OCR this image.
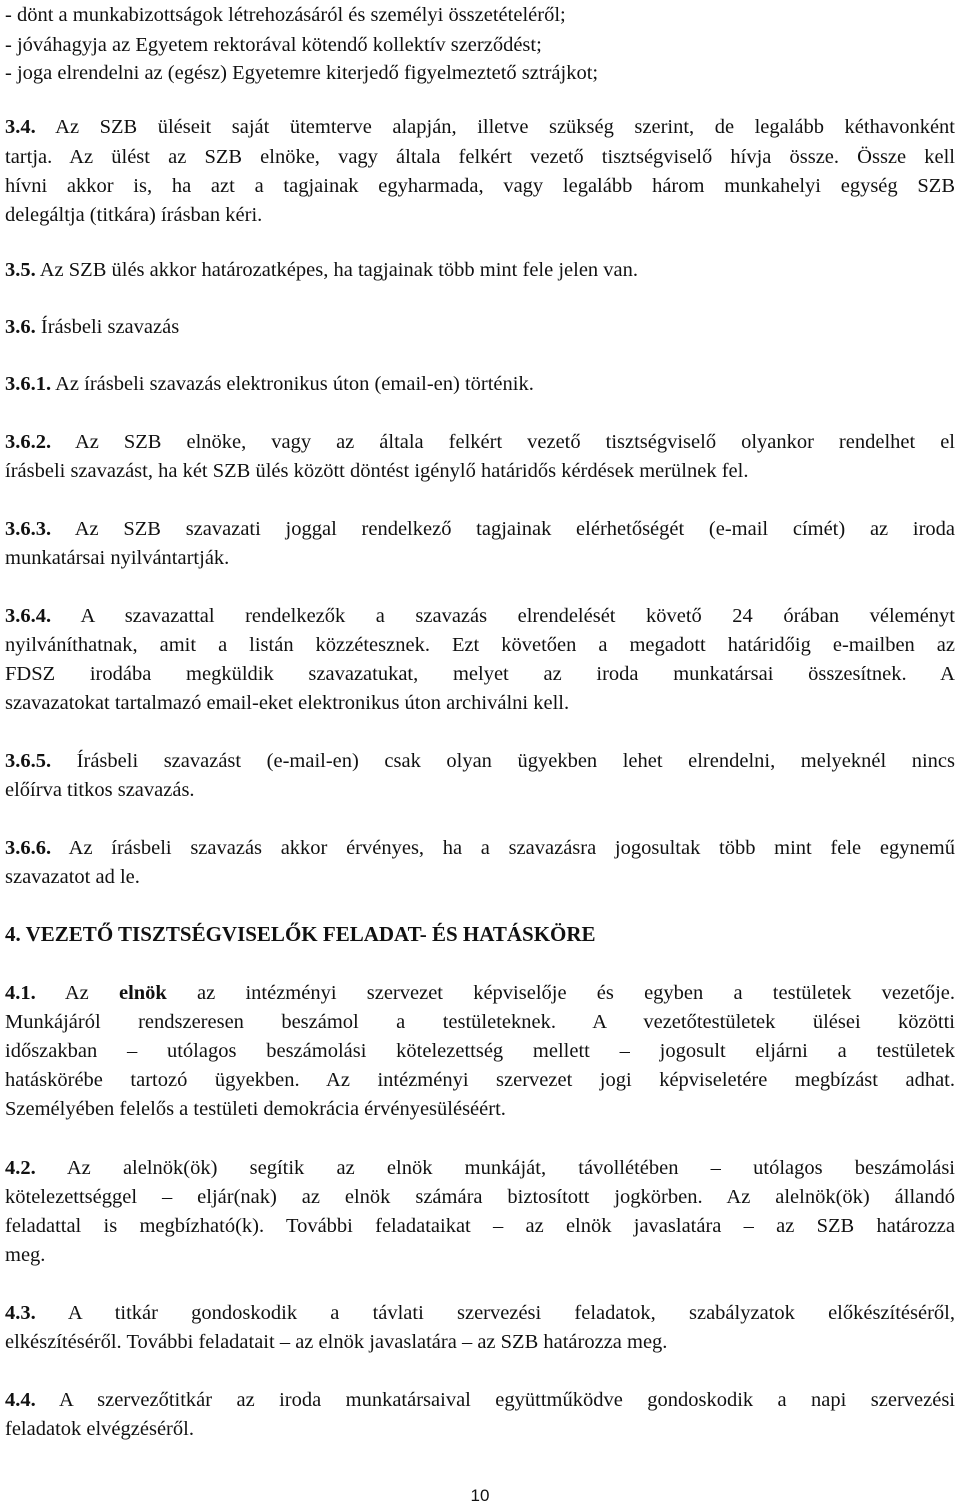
- dönt a munkabizottságok létrehozásáról és személyi összetételéről;
- jóváhagyja az Egyetem rektorával kötendő kollektív szerződést;
- joga elrendelni az (egész) Egyetemre kiterjedő figyelmeztető sztrájkot;
3.4. Az SZB üléseit saját ütemterve alapján, illetve szükség szerint, de legalább kéthavonként
tartja. Az ülést az SZB elnöke, vagy általa felkért vezető tisztségviselő hívja össze. Össze kell
hívni akkor is, ha azt a tagjainak egyharmada, vagy legalább három munkahelyi egység SZB
delegáltja (titkára) írásban kéri.
3.5. Az SZB ülés akkor határozatképes, ha tagjainak több mint fele jelen van.
3.6. Írásbeli szavazás
3.6.1. Az írásbeli szavazás elektronikus úton (email-en) történik.
3.6.2. Az SZB elnöke, vagy az általa felkért vezető tisztségviselő olyankor rendelhet el
írásbeli szavazást, ha két SZB ülés között döntést igénylő határidős kérdések merülnek fel.
3.6.3. Az SZB szavazati joggal rendelkező tagjainak elérhetőségét (e-mail címét) az iroda
munkatársai nyilvántartják.
3.6.4. A szavazattal rendelkezők a szavazás elrendelését követő 24 órában véleményt
nyilváníthatnak, amit a listán közzétesznek. Ezt követően a megadott határidőig e-mailben az
FDSZ irodába megküldik szavazatukat, melyet az iroda munkatársai összesítnek. A
szavazatokat tartalmazó email-eket elektronikus úton archiválni kell.
3.6.5. Írásbeli szavazást (e-mail-en) csak olyan ügyekben lehet elrendelni, melyeknél nincs
előírva titkos szavazás.
3.6.6. Az írásbeli szavazás akkor érvényes, ha a szavazásra jogosultak több mint fele egynemű
szavazatot ad le.
4. VEZETŐ TISZTSÉGVISELŐK FELADAT- ÉS HATÁSKÖRE
4.1. Az elnök az intézményi szervezet képviselője és egyben a testületek vezetője.
Munkájáról rendszeresen beszámol a testületeknek. A vezetőtestületek ülései közötti
időszakban – utólagos beszámolási kötelezettség mellett – jogosult eljárni a testületek
hatáskörébe tartozó ügyekben. Az intézményi szervezet jogi képviseletére megbízást adhat.
Személyében felelős a testületi demokrácia érvényesüléséért.
4.2. Az alelnök(ök) segítik az elnök munkáját, távollétében – utólagos beszámolási
kötelezettséggel – eljár(nak) az elnök számára biztosított jogkörben. Az alelnök(ök) állandó
feladattal is megbízható(k). További feladataikat – az elnök javaslatára – az SZB határozza
meg.
4.3. A titkár gondoskodik a távlati szervezési feladatok, szabályzatok előkészítéséről,
elkészítéséről. További feladatait – az elnök javaslatára – az SZB határozza meg.
4.4. A szervezőtitkár az iroda munkatársaival együttműködve gondoskodik a napi szervezési
feladatok elvégzéséről.
10
